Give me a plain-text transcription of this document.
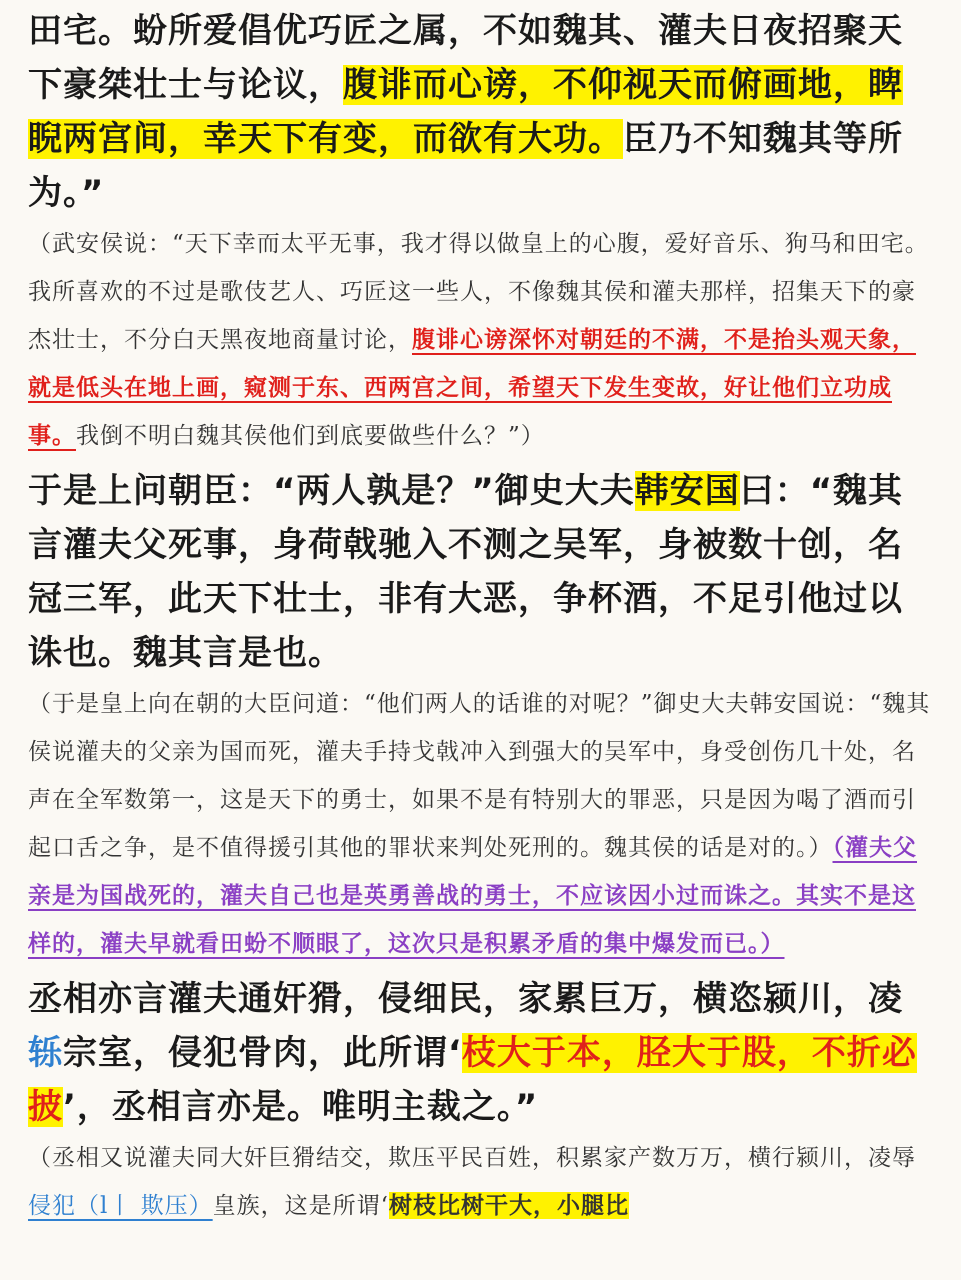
田宅。蚡所爱倡优巧匠之属，不如魏其、灌夫日夜招聚天下豪桀壮士与论议，腹诽而心谤，不仰视天而俯画地，睥睨两宫间，幸天下有变，而欲有大功。臣乃不知魏其等所为。”

（武安侯说：“天下幸而太平无事，我才得以做皇上的心腹，爱好音乐、狗马和田宅。我所喜欢的不过是歌伎艺人、巧匠这一些人，不像魏其侯和灌夫那样，招集天下的豪杰壮士，不分白天黑夜地商量讨论，腹诽心谤深怀对朝廷的不满，不是抬头观天象，就是低头在地上画，窥测于东、西两宫之间，希望天下发生变故，好让他们立功成事。我倒不明白魏其侯他们到底要做些什么？”）

于是上问朝臣：“两人孰是？”御史大夫韩安国曰：“魏其言灌夫父死事，身荷戟驰入不测之吴军，身被数十创，名冠三军，此天下壮士，非有大恶，争杯酒，不足引他过以诛也。魏其言是也。

（于是皇上向在朝的大臣问道：“他们两人的话谁的对呢？”御史大夫韩安国说：“魏其侯说灌夫的父亲为国而死，灌夫手持戈戟冲入到强大的吴军中，身受创伤几十处，名声在全军数第一，这是天下的勇士，如果不是有特别大的罪恶，只是因为喝了酒而引起口舌之争，是不值得援引其他的罪状来判处死刑的。魏其侯的话是对的。）（灌夫父亲是为国战死的，灌夫自己也是英勇善战的勇士，不应该因小过而诛之。其实不是这样的，灌夫早就看田蚡不顺眼了，这次只是积累矛盾的集中爆发而已。）

丞相亦言灌夫通奸猾，侵细民，家累巨万，横恣颍川，凌轹宗室，侵犯骨肉，此所谓‘枝大于本，胫大于股，不折必披’，丞相言亦是。唯明主裁之。”

（丞相又说灌夫同大奸巨猾结交，欺压平民百姓，积累家产数万万，横行颍川，凌辱侵犯（l丨 欺压）皇族，这是所谓‘树枝比树干大，小腿比
